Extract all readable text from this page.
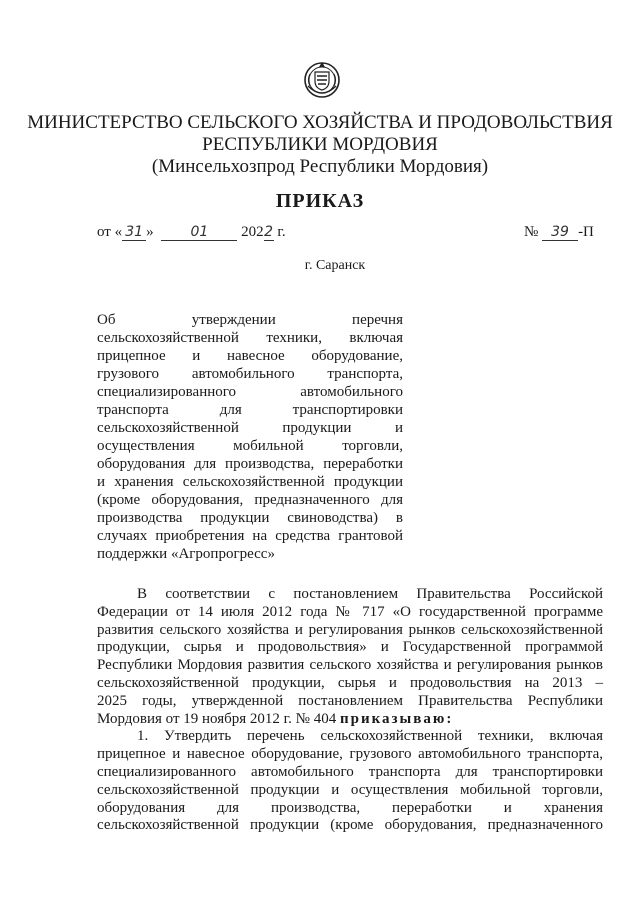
МИНИСТЕРСТВО СЕЛЬСКОГО ХОЗЯЙСТВА И ПРОДОВОЛЬСТВИЯ
РЕСПУБЛИКИ МОРДОВИЯ
(Минсельхозпрод Республики Мордовия)
ПРИКАЗ
от « 31 »	01 2022 г.	№ 39 -П
г. Саранск
Об утверждении перечня
сельскохозяйственной техники, включая
прицепное и навесное оборудование,
грузового автомобильного транспорта,
специализированного автомобильного
транспорта для транспортировки
сельскохозяйственной продукции и
осуществления мобильной торговли,
оборудования для производства, переработки
и хранения сельскохозяйственной продукции
(кроме оборудования, предназначенного для
производства продукции свиноводства) в
случаях приобретения на средства грантовой
поддержки «Агропрогресс»
В соответствии с постановлением Правительства Российской
Федерации от 14 июля 2012 года № 717 «О государственной программе
развития сельского хозяйства и регулирования рынков сельскохозяйственной
продукции, сырья и продовольствия» и Государственной программой
Республики Мордовия развития сельского хозяйства и регулирования рынков
сельскохозяйственной продукции, сырья и продовольствия на 2013 –
2025 годы, утвержденной постановлением Правительства Республики
Мордовия от 19 ноября 2012 г. № 404 приказываю:
1. Утвердить перечень сельскохозяйственной техники, включая
прицепное и навесное оборудование, грузового автомобильного транспорта,
специализированного автомобильного транспорта для транспортировки
сельскохозяйственной продукции и осуществления мобильной торговли,
оборудования для производства, переработки и хранения
сельскохозяйственной продукции (кроме оборудования, предназначенного
